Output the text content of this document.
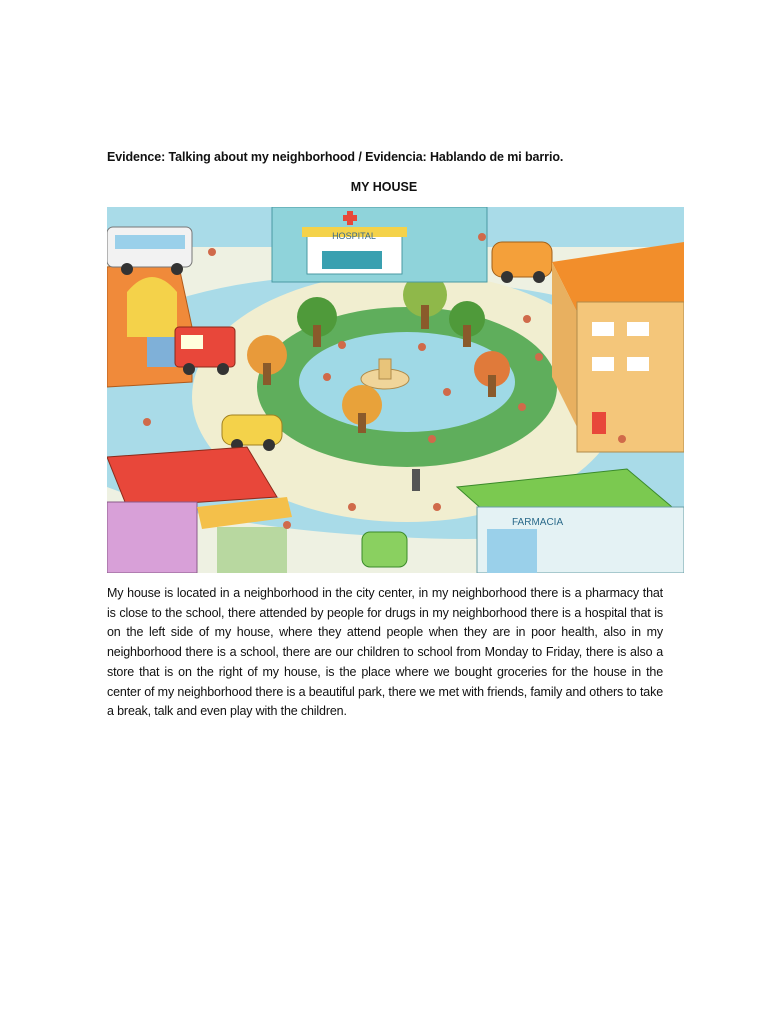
Evidence: Talking about my neighborhood / Evidencia: Hablando de mi barrio.
MY HOUSE
HOSPITAL
FARMACIA
My house is located in a neighborhood in the city center, in my neighborhood there is a pharmacy that is close to the school, there attended by people for drugs in my neighborhood there is a hospital that is on the left side of my house, where they attend people when they are in poor health, also in my neighborhood there is a school, there are our children to school from Monday to Friday, there is also a store that is on the right of my house, is the place where we bought groceries for the house in the center of my neighborhood there is a beautiful park, there we met with friends, family and others to take a break, talk and even play with the children.
